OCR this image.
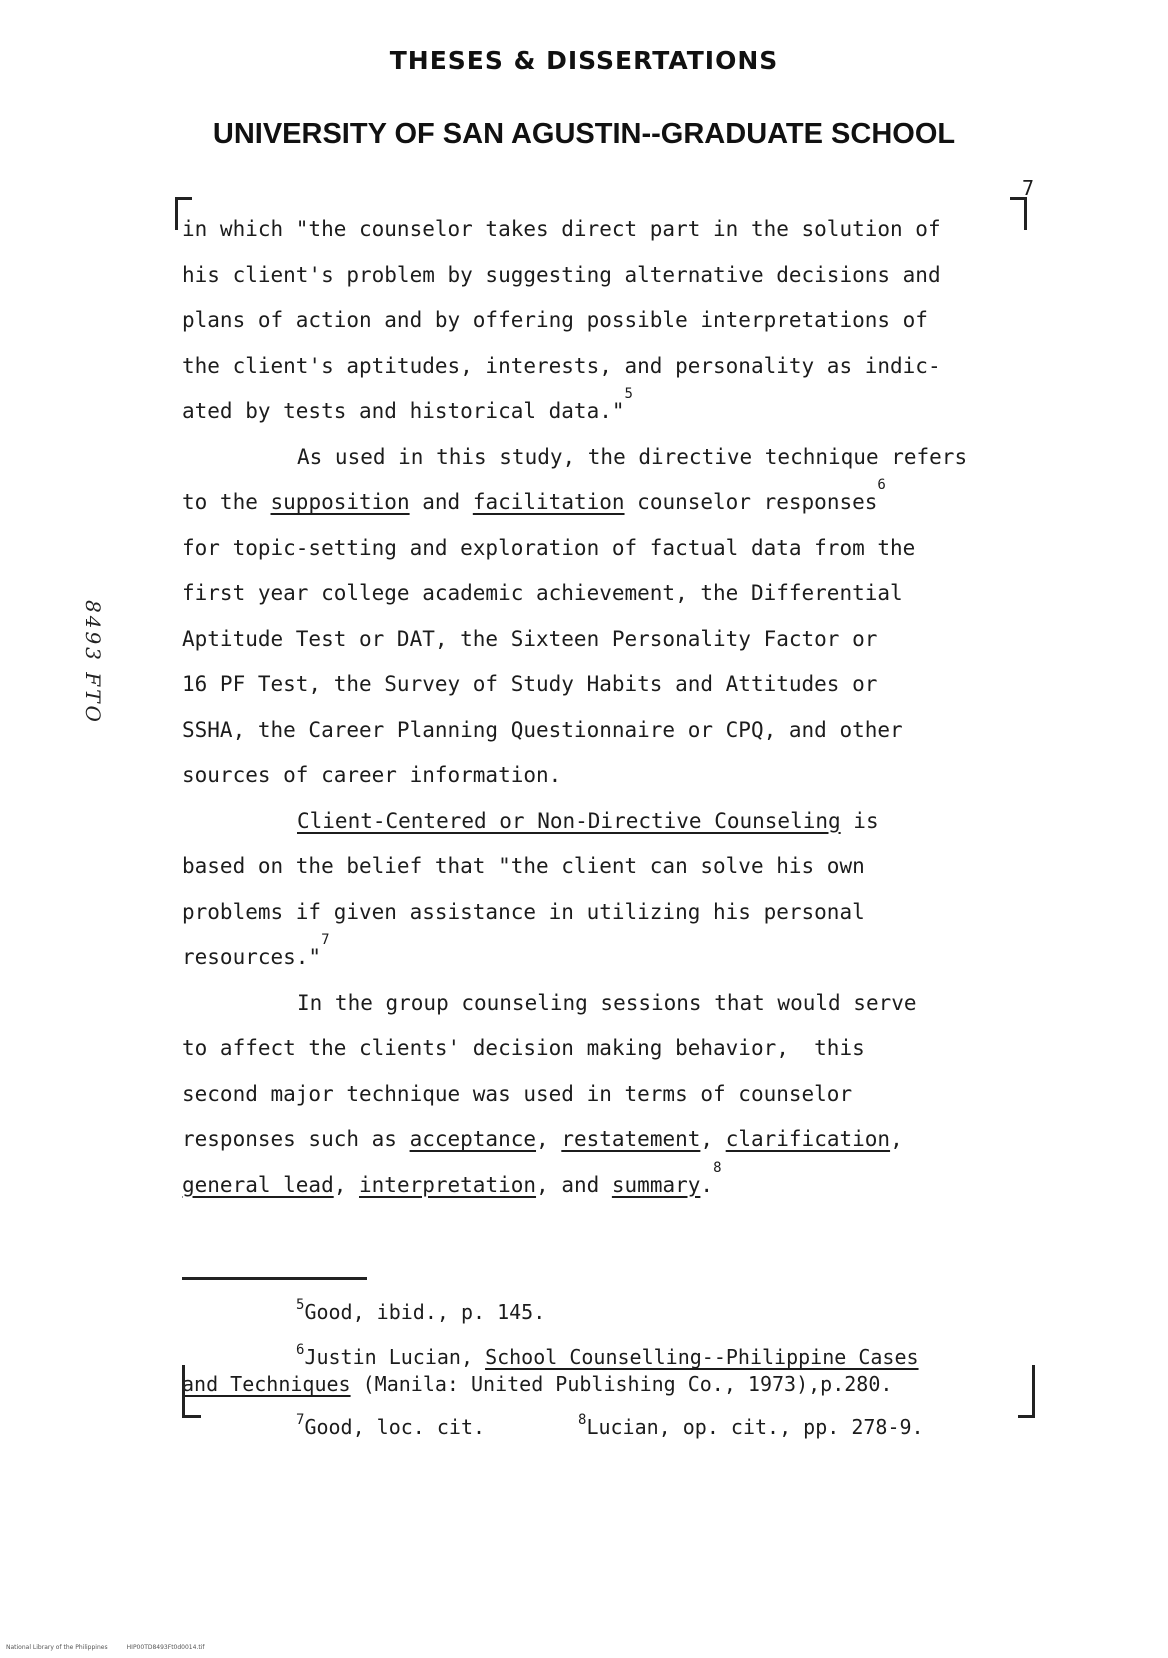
THESES & DISSERTATIONS
UNIVERSITY OF SAN AGUSTIN--GRADUATE SCHOOL
7
8493 FTO
in which "the counselor takes direct part in the solution of
his client's problem by suggesting alternative decisions and
plans of action and by offering possible interpretations of
the client's aptitudes, interests, and personality as indic-
ated by tests and historical data."$^5$
As used in this study, the directive technique refers
to the supposition and facilitation counselor responses$^6$
for topic-setting and exploration of factual data from the
first year college academic achievement, the Differential
Aptitude Test or DAT, the Sixteen Personality Factor or
16 PF Test, the Survey of Study Habits and Attitudes or
SSHA, the Career Planning Questionnaire or CPQ, and other
sources of career information.
Client-Centered or Non-Directive Counseling is
based on the belief that "the client can solve his own
problems if given assistance in utilizing his personal
resources."$^7$
In the group counseling sessions that would serve
to affect the clients' decision making behavior,  this
second major technique was used in terms of counselor
responses such as acceptance, restatement, clarification,
general lead, interpretation, and summary.$^8$
$^5$Good, ibid., p. 145.
$^6$Justin Lucian, School Counselling--Philippine Cases
and Techniques (Manila: United Publishing Co., 1973),p.280.
$^7$Good, loc. cit.	$^8$Lucian, op. cit., pp. 278-9.
National Library of the Philippines	HIP00TD8493Ft0d0014.tif
